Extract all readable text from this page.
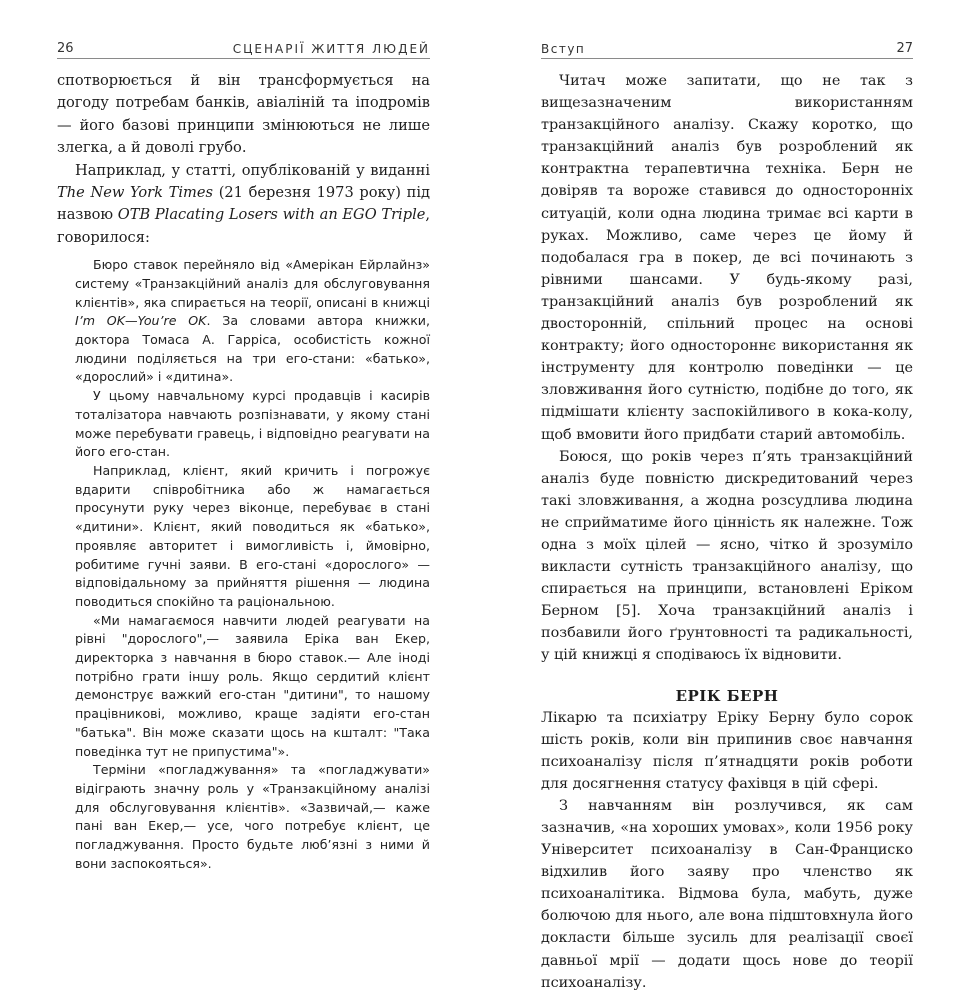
26	СЦЕНАРІЇ ЖИТТЯ ЛЮДЕЙ

спотворюється й він трансформується на догоду потребам банків, авіаліній та іподромів — його базові принципи змінюються не лише злегка, а й доволі грубо.

Наприклад, у статті, опублікованій у виданні The New York Times (21 березня 1973 року) під назвою OTB Placating Losers with an EGO Triple, говорилося:

Бюро ставок перейняло від «Амерікан Ейрлайнз» систему «Транзакційний аналіз для обслуговування клієнтів», яка спирається на теорії, описані в книжці I’m OK—You’re OK. За словами автора книжки, доктора Томаса А. Гарріса, особистість кожної людини поділяється на три его-стани: «батько», «дорослий» і «дитина».

У цьому навчальному курсі продавців і касирів тоталізатора навчають розпізнавати, у якому стані може перебувати гравець, і відповідно реагувати на його его-стан.

Наприклад, клієнт, який кричить і погрожує вдарити співробітника або ж намагається просунути руку через віконце, перебуває в стані «дитини». Клієнт, який поводиться як «батько», проявляє авторитет і вимогливість і, ймовірно, робитиме гучні заяви. В его-стані «дорослого» — відповідальному за прийняття рішення — людина поводиться спокійно та раціональною.

«Ми намагаємося навчити людей реагувати на рівні "дорослого",— заявила Еріка ван Екер, директорка з навчання в бюро ставок.— Але іноді потрібно грати іншу роль. Якщо сердитий клієнт демонструє важкий его-стан "дитини", то нашому працівникові, можливо, краще задіяти его-стан "батька". Він може сказати щось на кшталт: "Така поведінка тут не припустима"».

Терміни «погладжування» та «погладжувати» відіграють значну роль у «Транзакційному аналізі для обслуговування клієнтів». «Зазвичай,— каже пані ван Екер,— усе, чого потребує клієнт, це погладжування. Просто будьте люб’язні з ними й вони заспокояться».

Вступ	27

Читач може запитати, що не так з вищезазначеним використанням транзакційного аналізу. Скажу коротко, що транзакційний аналіз був розроблений як контрактна терапевтична техніка. Берн не довіряв та вороже ставився до односторонніх ситуацій, коли одна людина тримає всі карти в руках. Можливо, саме через це йому й подобалася гра в покер, де всі починають з рівними шансами. У будь-якому разі, транзакційний аналіз був розроблений як двосторонній, спільний процес на основі контракту; його одностороннє використання як інструменту для контролю поведінки — це зловживання його сутністю, подібне до того, як підмішати клієнту заспокійливого в кока-колу, щоб вмовити його придбати старий автомобіль.

Боюся, що років через п’ять транзакційний аналіз буде повністю дискредитований через такі зловживання, а жодна розсудлива людина не сприйматиме його цінність як належне. Тож одна з моїх цілей — ясно, чітко й зрозуміло викласти сутність транзакційного аналізу, що спирається на принципи, встановлені Еріком Берном [5]. Хоча транзакційний аналіз і позбавили його ґрунтовності та радикальності, у цій книжці я сподіваюсь їх відновити.

ЕРІК БЕРН

Лікарю та психіатру Еріку Берну було сорок шість років, коли він припинив своє навчання психоаналізу після п’ятнадцяти років роботи для досягнення статусу фахівця в цій сфері.

З навчанням він розлучився, як сам зазначив, «на хороших умовах», коли 1956 року Університет психоаналізу в Сан-Франциско відхилив його заяву про членство як психоаналітика. Відмова була, мабуть, дуже болючою для нього, але вона підштовхнула його докласти більше зусиль для реалізації своєї давньої мрії — додати щось нове до теорії психоаналізу.
